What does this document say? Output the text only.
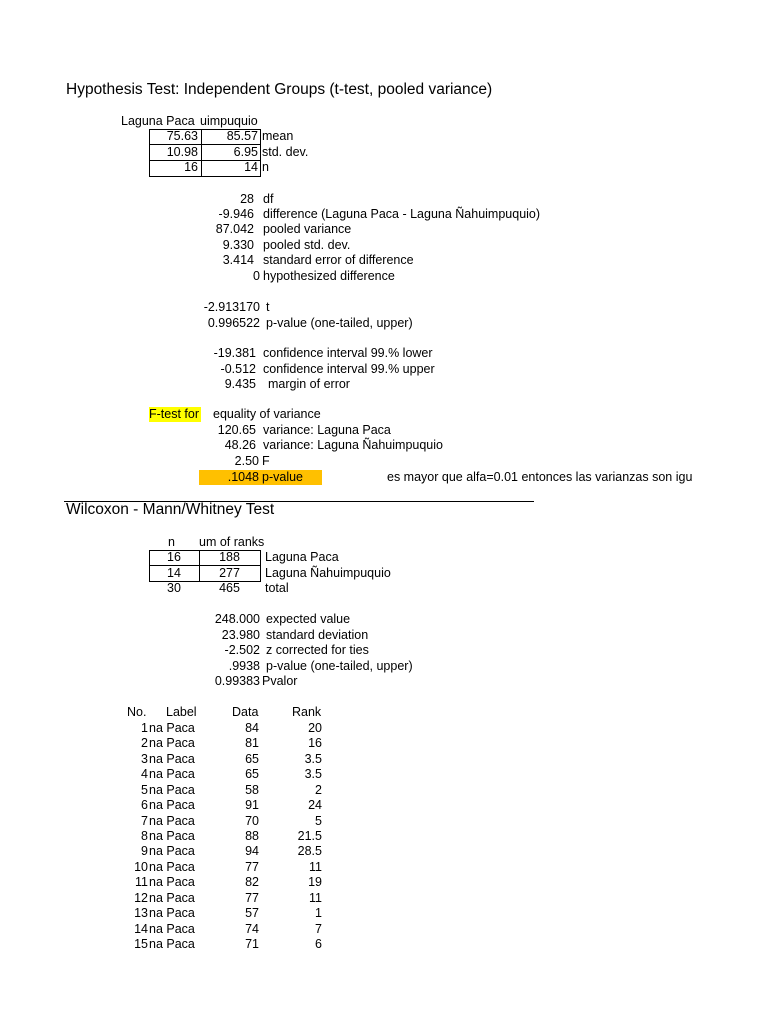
Hypothesis Test: Independent Groups (t-test, pooled variance)
Laguna Paca uimpuquio
75.63	85.57 mean
10.98	6.95 std. dev.
16	14 n
28 df
-9.946 difference (Laguna Paca - Laguna Ñahuimpuquio)
87.042 pooled variance
9.330 pooled std. dev.
3.414 standard error of difference
0 hypothesized difference
-2.913170 t
0.996522 p-value (one-tailed, upper)
-19.381 confidence interval 99.% lower
-0.512 confidence interval 99.% upper
9.435 margin of error
F-test for equality of variance
120.65 variance: Laguna Paca
48.26 variance: Laguna Ñahuimpuquio
2.50 F
.1048 p-value	es mayor que alfa=0.01 entonces las varianzas son igu
Wilcoxon - Mann/Whitney Test
n um of ranks
16	188	Laguna Paca
14	277	Laguna Ñahuimpuquio
30	465	total
248.000 expected value
23.980 standard deviation
-2.502 z corrected for ties
.9938 p-value (one-tailed, upper)
0.99383 Pvalor
No. Label	Data	Rank
1 na Paca	84	20
2 na Paca	81	16
3 na Paca	65	3.5
4 na Paca	65	3.5
5 na Paca	58	2
6 na Paca	91	24
7 na Paca	70	5
8 na Paca	88	21.5
9 na Paca	94	28.5
10 na Paca	77	11
11 na Paca	82	19
12 na Paca	77	11
13 na Paca	57	1
14 na Paca	74	7
15 na Paca	71	6
